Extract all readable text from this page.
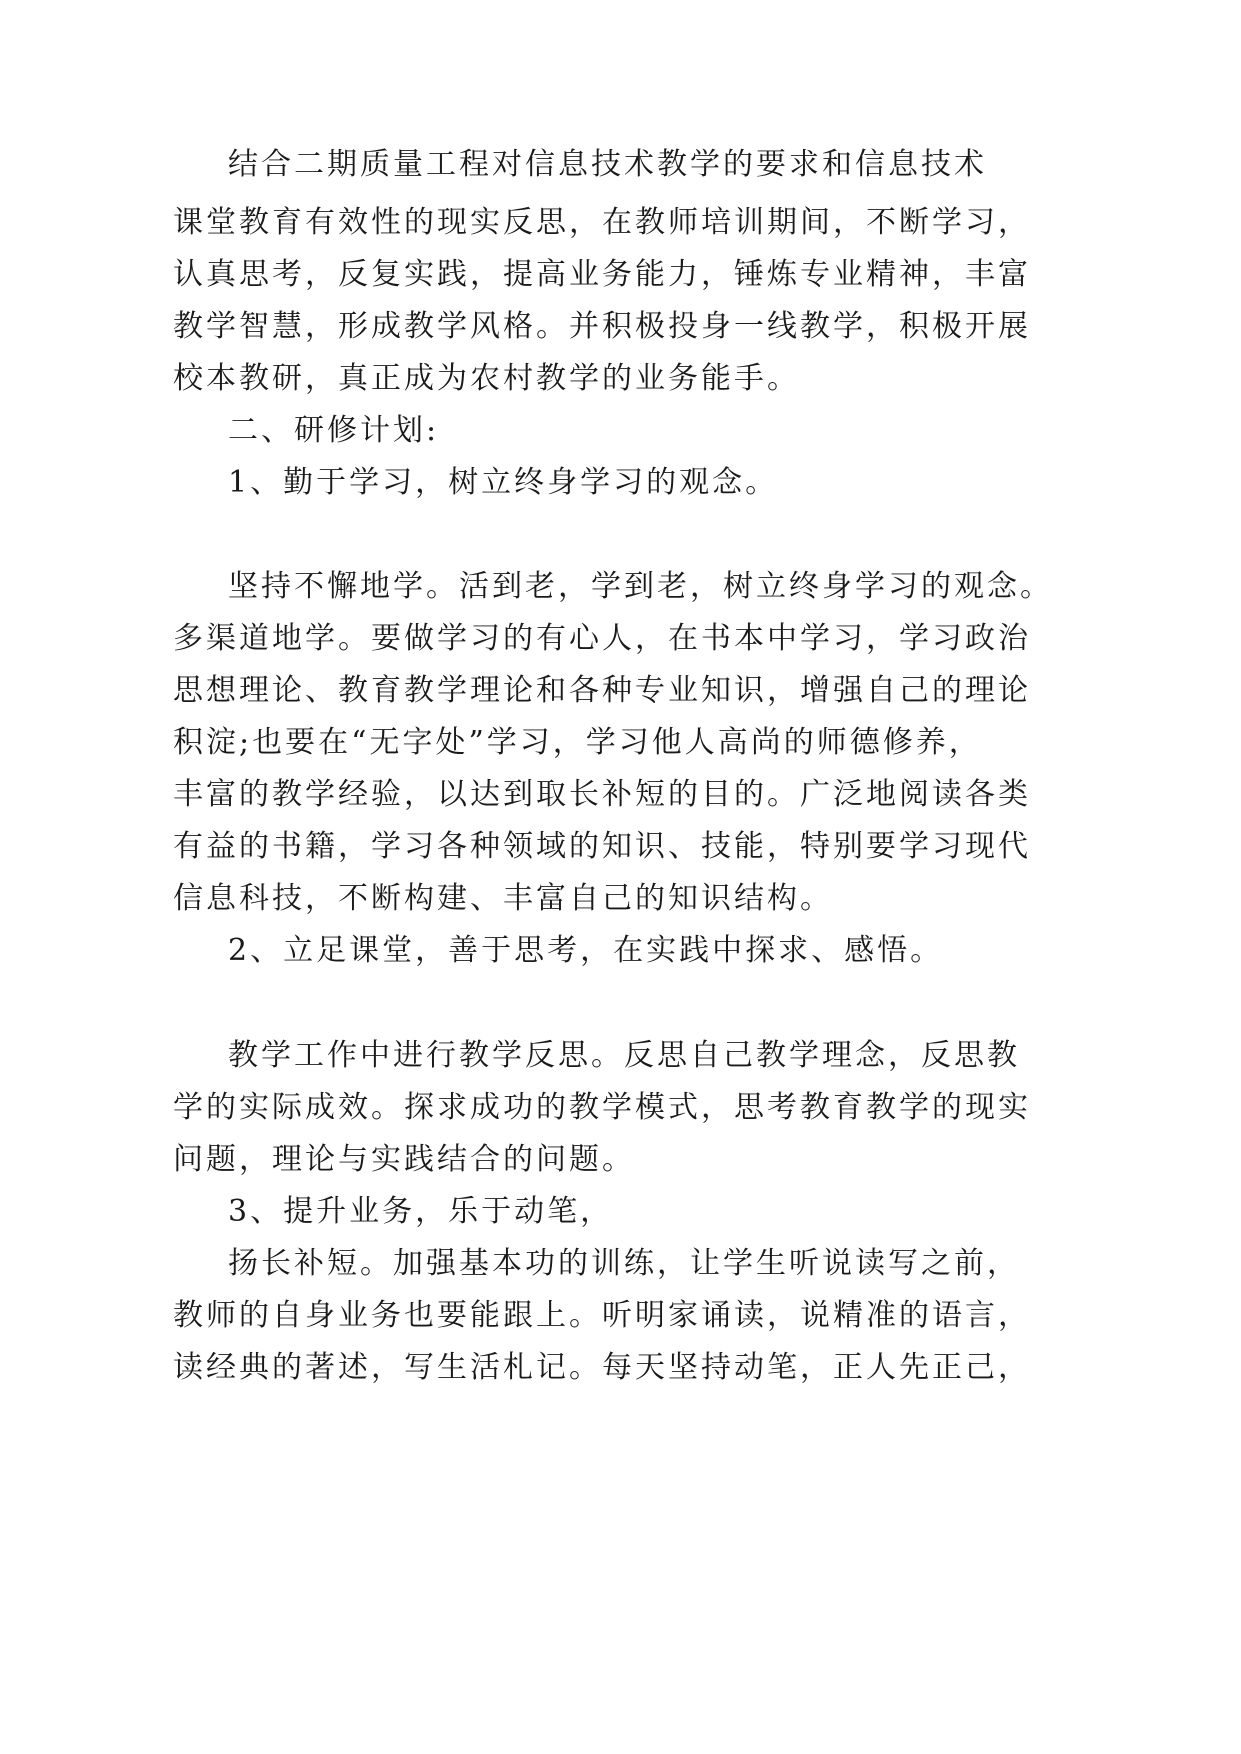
结合二期质量工程对信息技术教学的要求和信息技术
课堂教育有效性的现实反思，在教师培训期间，不断学习，
认真思考，反复实践，提高业务能力，锤炼专业精神，丰富
教学智慧，形成教学风格。并积极投身一线教学，积极开展
校本教研，真正成为农村教学的业务能手。
二、研修计划:
1、勤于学习，树立终身学习的观念。
坚持不懈地学。活到老，学到老，树立终身学习的观念。
多渠道地学。要做学习的有心人，在书本中学习，学习政治
思想理论、教育教学理论和各种专业知识，增强自己的理论
积淀;也要在“无字处”学习，学习他人高尚的师德修养，
丰富的教学经验，以达到取长补短的目的。广泛地阅读各类
有益的书籍，学习各种领域的知识、技能，特别要学习现代
信息科技，不断构建、丰富自己的知识结构。
2、立足课堂，善于思考，在实践中探求、感悟。
教学工作中进行教学反思。反思自己教学理念，反思教
学的实际成效。探求成功的教学模式，思考教育教学的现实
问题，理论与实践结合的问题。
3、提升业务，乐于动笔，
扬长补短。加强基本功的训练，让学生听说读写之前，
教师的自身业务也要能跟上。听明家诵读，说精准的语言，
读经典的著述，写生活札记。每天坚持动笔，正人先正己，
